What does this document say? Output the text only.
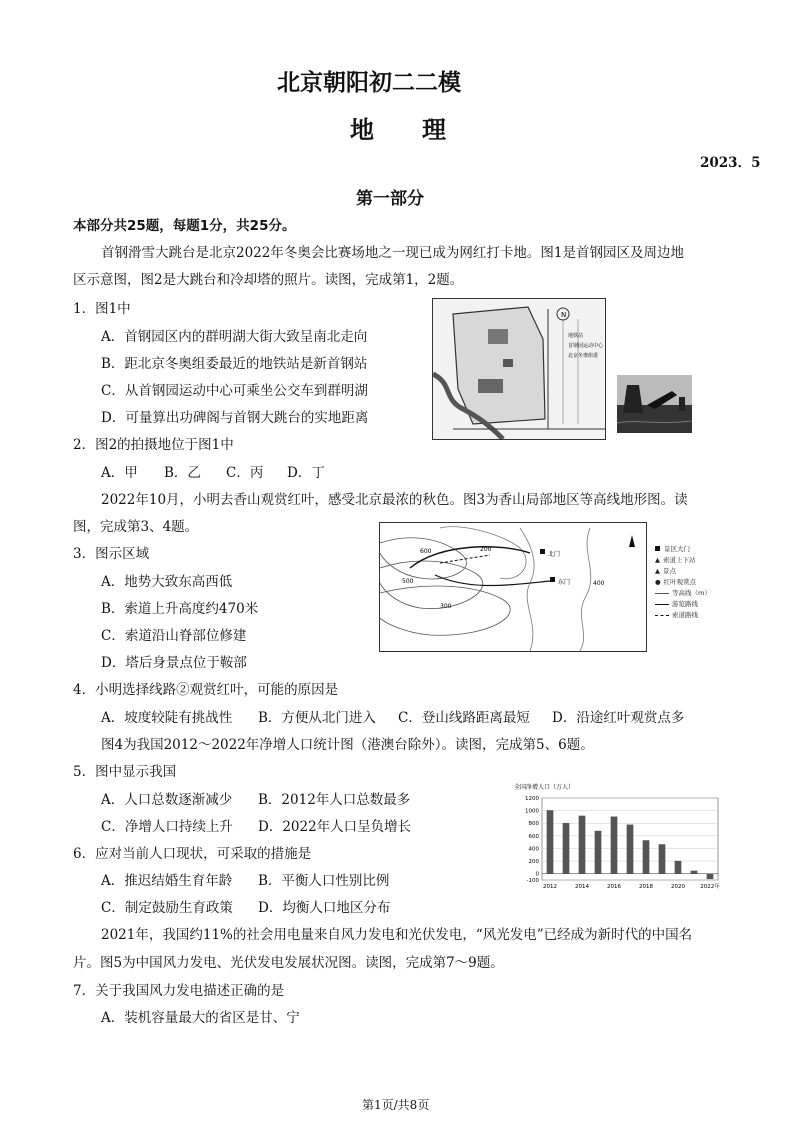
北京朝阳初二二模
地　　理
2023．5
第一部分
本部分共25题，每题1分，共25分。
首钢滑雪大跳台是北京2022年冬奥会比赛场地之一现已成为网红打卡地。图1是首钢园区及周边地
区示意图，图2是大跳台和冷却塔的照片。读图，完成第1，2题。
1．图1中
A．首钢园区内的群明湖大街大致呈南北走向
B．距北京冬奥组委最近的地铁站是新首钢站
C．从首钢园运动中心可乘坐公交车到群明湖
D．可量算出功碑阁与首钢大跳台的实地距离
N
地铁站
首钢园运动中心
北京冬奥组委
2．图2的拍摄地位于图1中
A．甲 B．乙 C．丙 D．丁
2022年10月，小明去香山观赏红叶，感受北京最浓的秋色。图3为香山局部地区等高线地形图。读
图，完成第3、4题。
北门
东门
600
400
200
500
300
景区大门
▲ 索道上下站
▲ 景点
● 红叶观赏点
等高线（m）
游览路线
索道路线
3．图示区域
A．地势大致东高西低
B．索道上升高度约470米
C．索道沿山脊部位修建
D．塔后身景点位于鞍部
4．小明选择线路②观赏红叶，可能的原因是
A．坡度较陡有挑战性 B．方便从北门进入 C．登山线路距离最短 D．沿途红叶观赏点多
图4为我国2012～2022年净增人口统计图（港澳台除外）。读图，完成第5、6题。
5．图中显示我国
A．人口总数逐渐减少 B．2012年人口总数最多
C．净增人口持续上升 D．2022年人口呈负增长
6．应对当前人口现状，可采取的措施是
A．推迟结婚生育年龄 B．平衡人口性别比例
C．制定鼓励生育政策 D．均衡人口地区分布
全国净增人口（万人）
1200
1000
800
600
400
200
0
-100
2012	2014	2016	2018	2020	2022年
2021年，我国约11%的社会用电量来自风力发电和光伏发电，“风光发电”已经成为新时代的中国名
片。图5为中国风力发电、光伏发电发展状况图。读图，完成第7～9题。
7．关于我国风力发电描述正确的是
A．装机容量最大的省区是甘、宁
第1页/共8页
